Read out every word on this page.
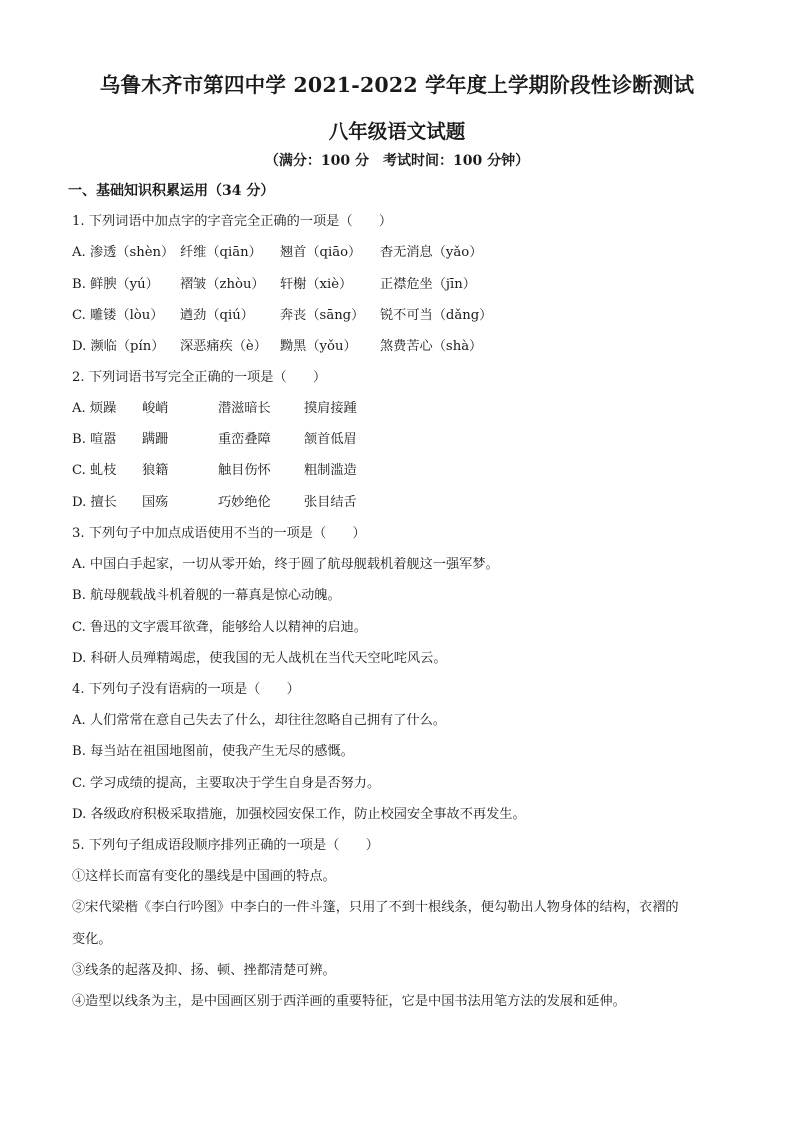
乌鲁木齐市第四中学 2021-2022 学年度上学期阶段性诊断测试
八年级语文试题
（满分：100 分　考试时间：100 分钟）
一、基础知识积累运用（34 分）
1. 下列词语中加点字的字音完全正确的一项是（　　）
A. 渗透（shèn） 纤维（qiān） 翘首（qiāo） 杳无消息（yǎo）
B. 鲜腴（yú） 褶皱（zhòu） 轩榭（xiè） 正襟危坐（jīn）
C. 雕镂（lòu） 遒劲（qiú） 奔丧（sāng） 锐不可当（dǎng）
D. 濒临（pín） 深恶痛疾（è） 黝黑（yǒu） 煞费苦心（shà）
2. 下列词语书写完全正确的一项是（　　）
A. 烦躁 峻峭	潜滋暗长	摸肩接踵
B. 喧嚣 蹒跚	重峦叠障	颔首低眉
C. 虬枝 狼籍	触目伤怀	粗制滥造
D. 擅长 国殇	巧妙绝伦	张目结舌
3. 下列句子中加点成语使用不当的一项是（　　）
A. 中国白手起家，一切从零开始，终于圆了航母舰载机着舰这一强军梦。
B. 航母舰载战斗机着舰的一幕真是惊心动魄。
C. 鲁迅的文字震耳欲聋，能够给人以精神的启迪。
D. 科研人员殚精竭虑，使我国的无人战机在当代天空叱咤风云。
4. 下列句子没有语病的一项是（　　）
A. 人们常常在意自己失去了什么，却往往忽略自己拥有了什么。
B. 每当站在祖国地图前，使我产生无尽的感慨。
C. 学习成绩的提高，主要取决于学生自身是否努力。
D. 各级政府积极采取措施，加强校园安保工作，防止校园安全事故不再发生。
5. 下列句子组成语段顺序排列正确的一项是（　　）
①这样长而富有变化的墨线是中国画的特点。
②宋代梁楷《李白行吟图》中李白的一件斗篷，只用了不到十根线条，便勾勒出人物身体的结构，衣褶的
变化。
③线条的起落及抑、扬、顿、挫都清楚可辨。
④造型以线条为主，是中国画区别于西洋画的重要特征，它是中国书法用笔方法的发展和延伸。
